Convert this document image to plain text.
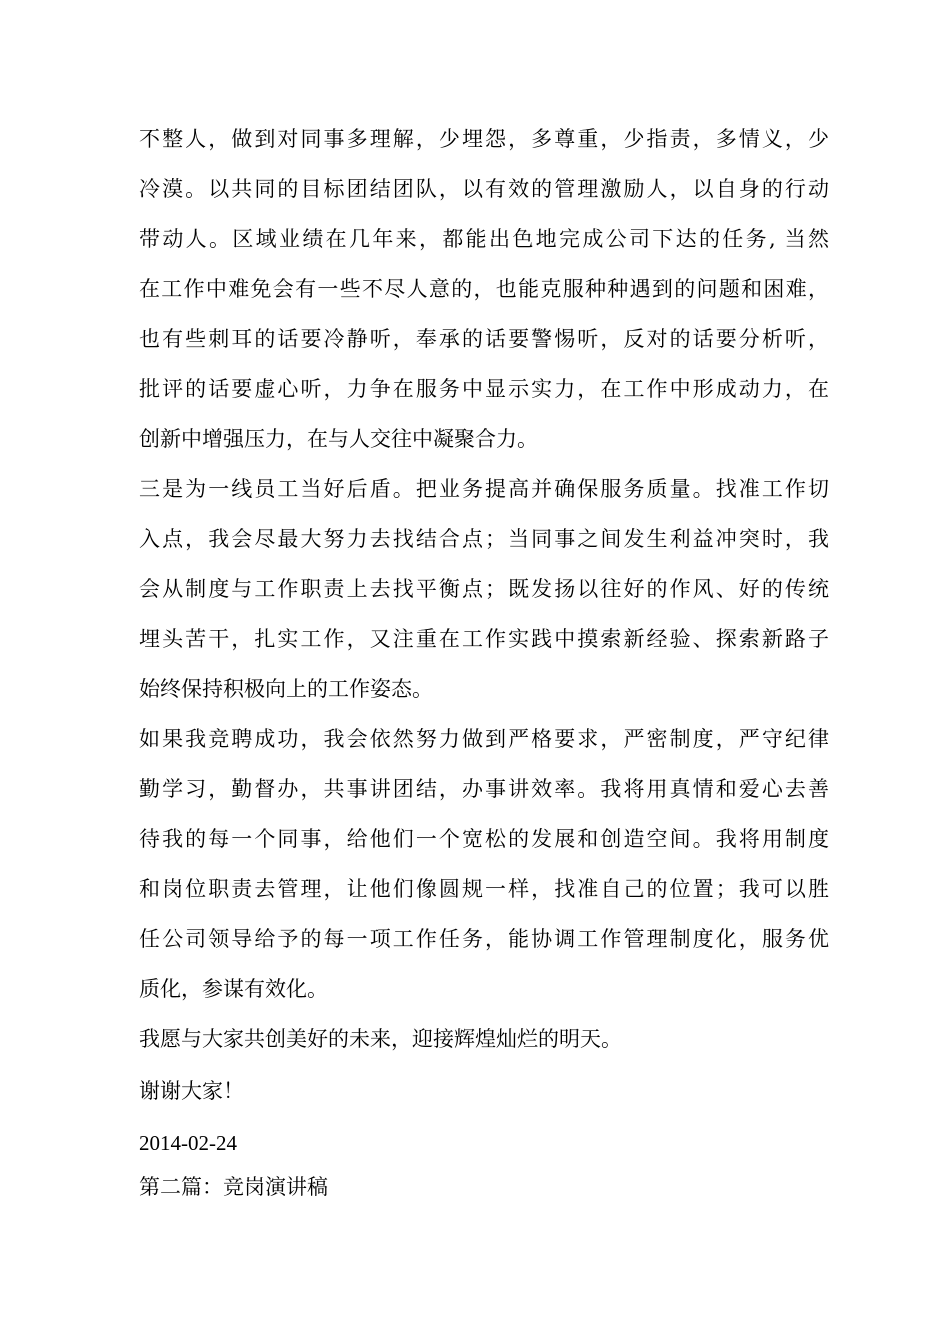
不整人，做到对同事多理解，少埋怨，多尊重，少指责，多情义，少
冷漠。以共同的目标团结团队，以有效的管理激励人，以自身的行动
带动人。区域业绩在几年来，都能出色地完成公司下达的任务, 当然
在工作中难免会有一些不尽人意的，也能克服种种遇到的问题和困难，
也有些刺耳的话要冷静听，奉承的话要警惕听，反对的话要分析听，
批评的话要虚心听，力争在服务中显示实力，在工作中形成动力，在
创新中增强压力，在与人交往中凝聚合力。
三是为一线员工当好后盾。把业务提高并确保服务质量。找准工作切
入点，我会尽最大努力去找结合点；当同事之间发生利益冲突时，我
会从制度与工作职责上去找平衡点；既发扬以往好的作风、好的传统
埋头苦干，扎实工作，又注重在工作实践中摸索新经验、探索新路子
始终保持积极向上的工作姿态。
如果我竞聘成功，我会依然努力做到严格要求，严密制度，严守纪律
勤学习，勤督办，共事讲团结，办事讲效率。我将用真情和爱心去善
待我的每一个同事，给他们一个宽松的发展和创造空间。我将用制度
和岗位职责去管理，让他们像圆规一样，找准自己的位置；我可以胜
任公司领导给予的每一项工作任务，能协调工作管理制度化，服务优
质化，参谋有效化。
我愿与大家共创美好的未来，迎接辉煌灿烂的明天。
谢谢大家！
2014-02-24
第二篇：竞岗演讲稿
